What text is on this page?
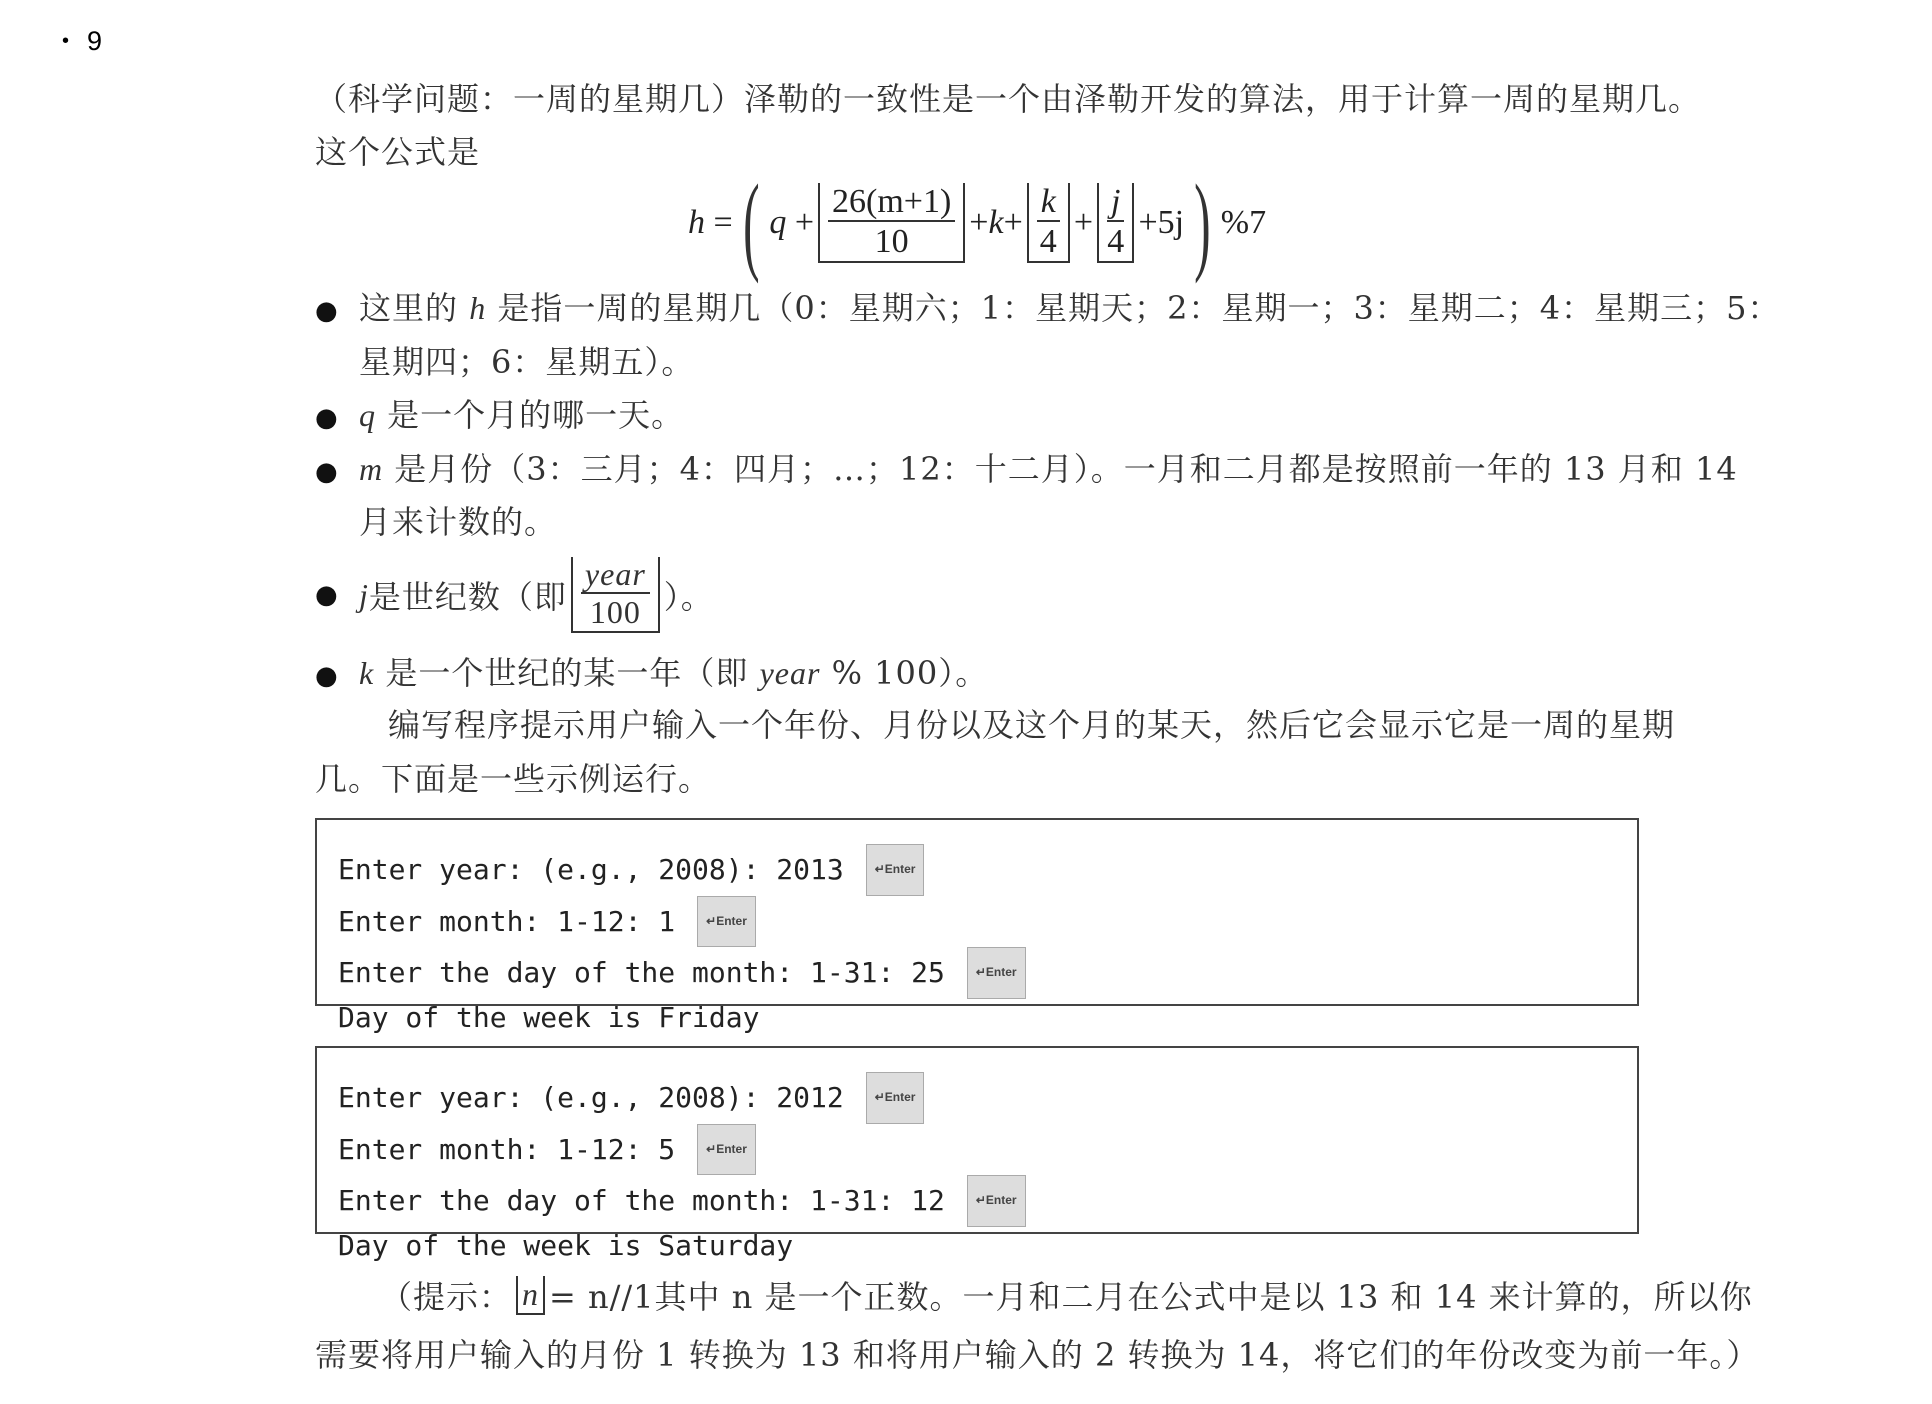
• 9
（科学问题：一周的星期几）泽勒的一致性是一个由泽勒开发的算法，用于计算一周的星期几。
这个公式是
h = ( $q + \frac{26(m+1)}{10} + k + \frac{k}{4} + \frac{j}{4} +5j$ ) %7
● 这里的 h 是指一周的星期几（0：星期六；1：星期天；2：星期一；3：星期二；4：星期三；5：
星期四；6：星期五）。
● q 是一个月的哪一天。
● m 是月份（3：三月；4：四月；…；12：十二月）。一月和二月都是按照前一年的 13 月和 14
月来计数的。
● j 是世纪数（即 $\frac{\text{year}}{100}$ ）。
● k 是一个世纪的某一年（即 year % 100）。
编写程序提示用户输入一个年份、月份以及这个月的某天，然后它会显示它是一周的星期
几。下面是一些示例运行。
Enter year: (e.g., 2008): 2013	↵Enter
Enter month: 1-12: 1	↵Enter
Enter the day of the month: 1-31: 25	↵Enter
Day of the week is Friday
Enter year: (e.g., 2008): 2012	↵Enter
Enter month: 1-12: 5	↵Enter
Enter the day of the month: 1-31: 12	↵Enter
Day of the week is Saturday
（提示： n = n//1其中 n 是一个正数。一月和二月在公式中是以 13 和 14 来计算的，所以你
需要将用户输入的月份 1 转换为 13 和将用户输入的 2 转换为 14，将它们的年份改变为前一年。）
